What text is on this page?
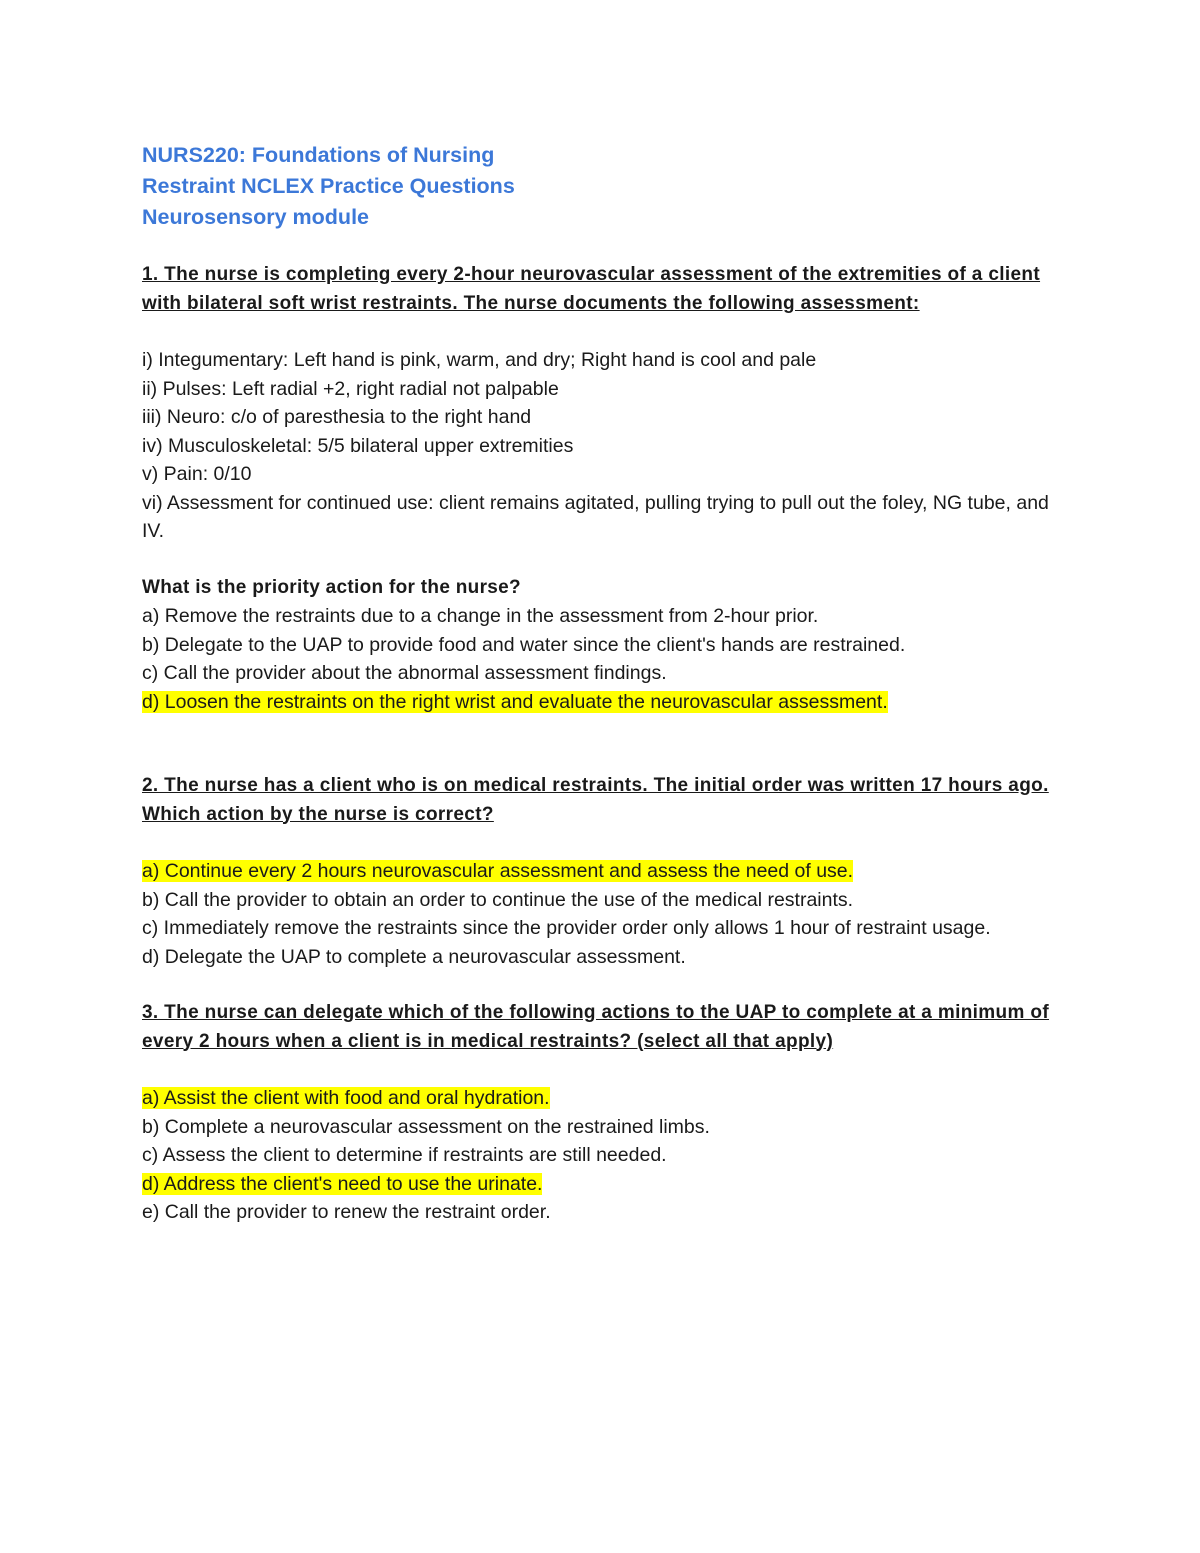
NURS220: Foundations of Nursing
Restraint NCLEX Practice Questions
Neurosensory module
1. The nurse is completing every 2-hour neurovascular assessment of the extremities of a client with bilateral soft wrist restraints. The nurse documents the following assessment:
i) Integumentary: Left hand is pink, warm, and dry; Right hand is cool and pale
ii) Pulses: Left radial +2, right radial not palpable
iii) Neuro: c/o of paresthesia to the right hand
iv) Musculoskeletal: 5/5 bilateral upper extremities
v) Pain: 0/10
vi) Assessment for continued use: client remains agitated, pulling trying to pull out the foley, NG tube, and IV.
What is the priority action for the nurse?
a) Remove the restraints due to a change in the assessment from 2-hour prior.
b) Delegate to the UAP to provide food and water since the client's hands are restrained.
c) Call the provider about the abnormal assessment findings.
d) Loosen the restraints on the right wrist and evaluate the neurovascular assessment.
2. The nurse has a client who is on medical restraints. The initial order was written 17 hours ago. Which action by the nurse is correct?
a) Continue every 2 hours neurovascular assessment and assess the need of use.
b) Call the provider to obtain an order to continue the use of the medical restraints.
c) Immediately remove the restraints since the provider order only allows 1 hour of restraint usage.
d) Delegate the UAP to complete a neurovascular assessment.
3. The nurse can delegate which of the following actions to the UAP to complete at a minimum of every 2 hours when a client is in medical restraints? (select all that apply)
a) Assist the client with food and oral hydration.
b) Complete a neurovascular assessment on the restrained limbs.
c) Assess the client to determine if restraints are still needed.
d) Address the client's need to use the urinate.
e) Call the provider to renew the restraint order.
